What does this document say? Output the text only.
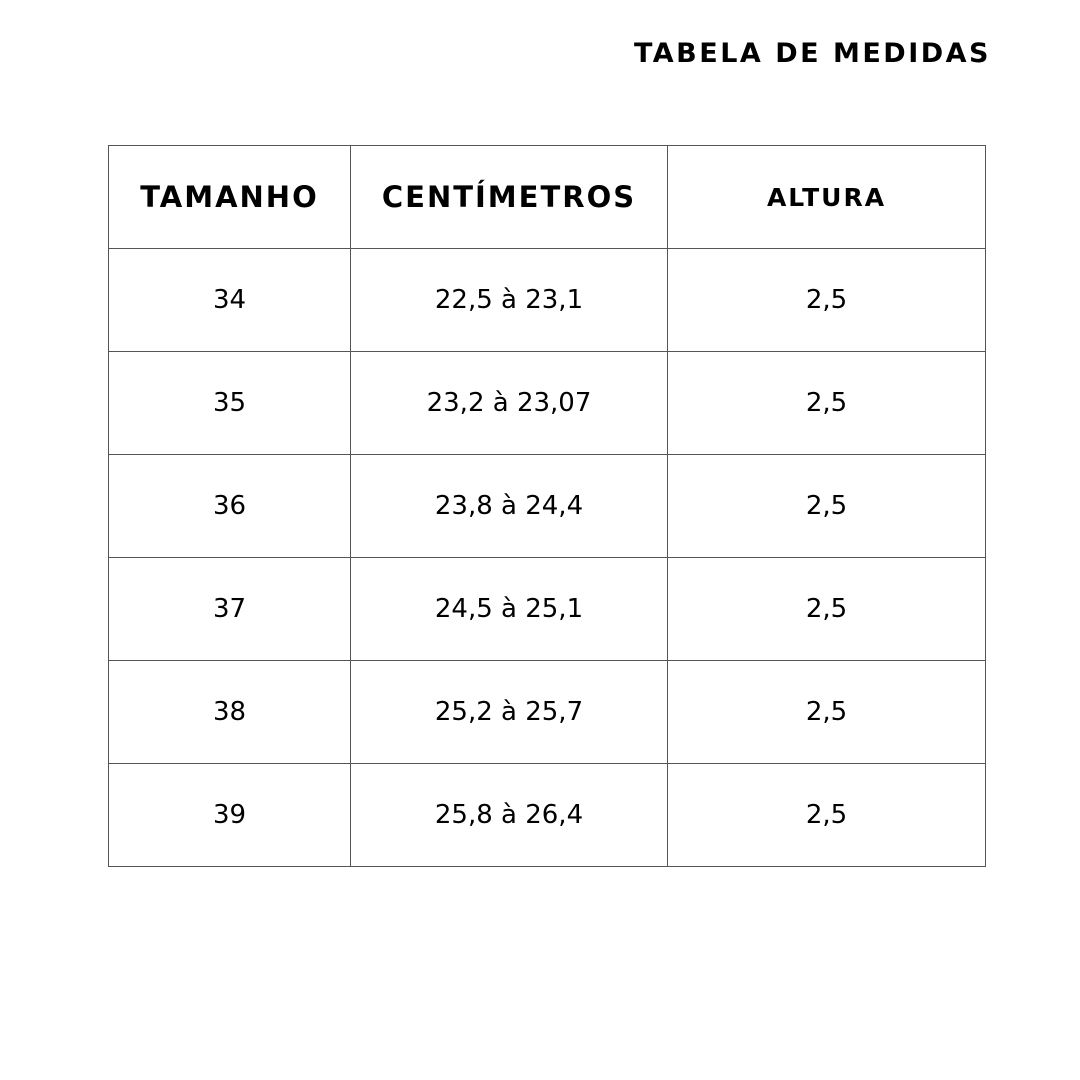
TABELA DE MEDIDAS
TAMANHO	CENTÍMETROS	ALTURA
34	22,5 à 23,1	2,5
35	23,2 à 23,07	2,5
36	23,8 à 24,4	2,5
37	24,5 à 25,1	2,5
38	25,2 à 25,7	2,5
39	25,8 à 26,4	2,5
